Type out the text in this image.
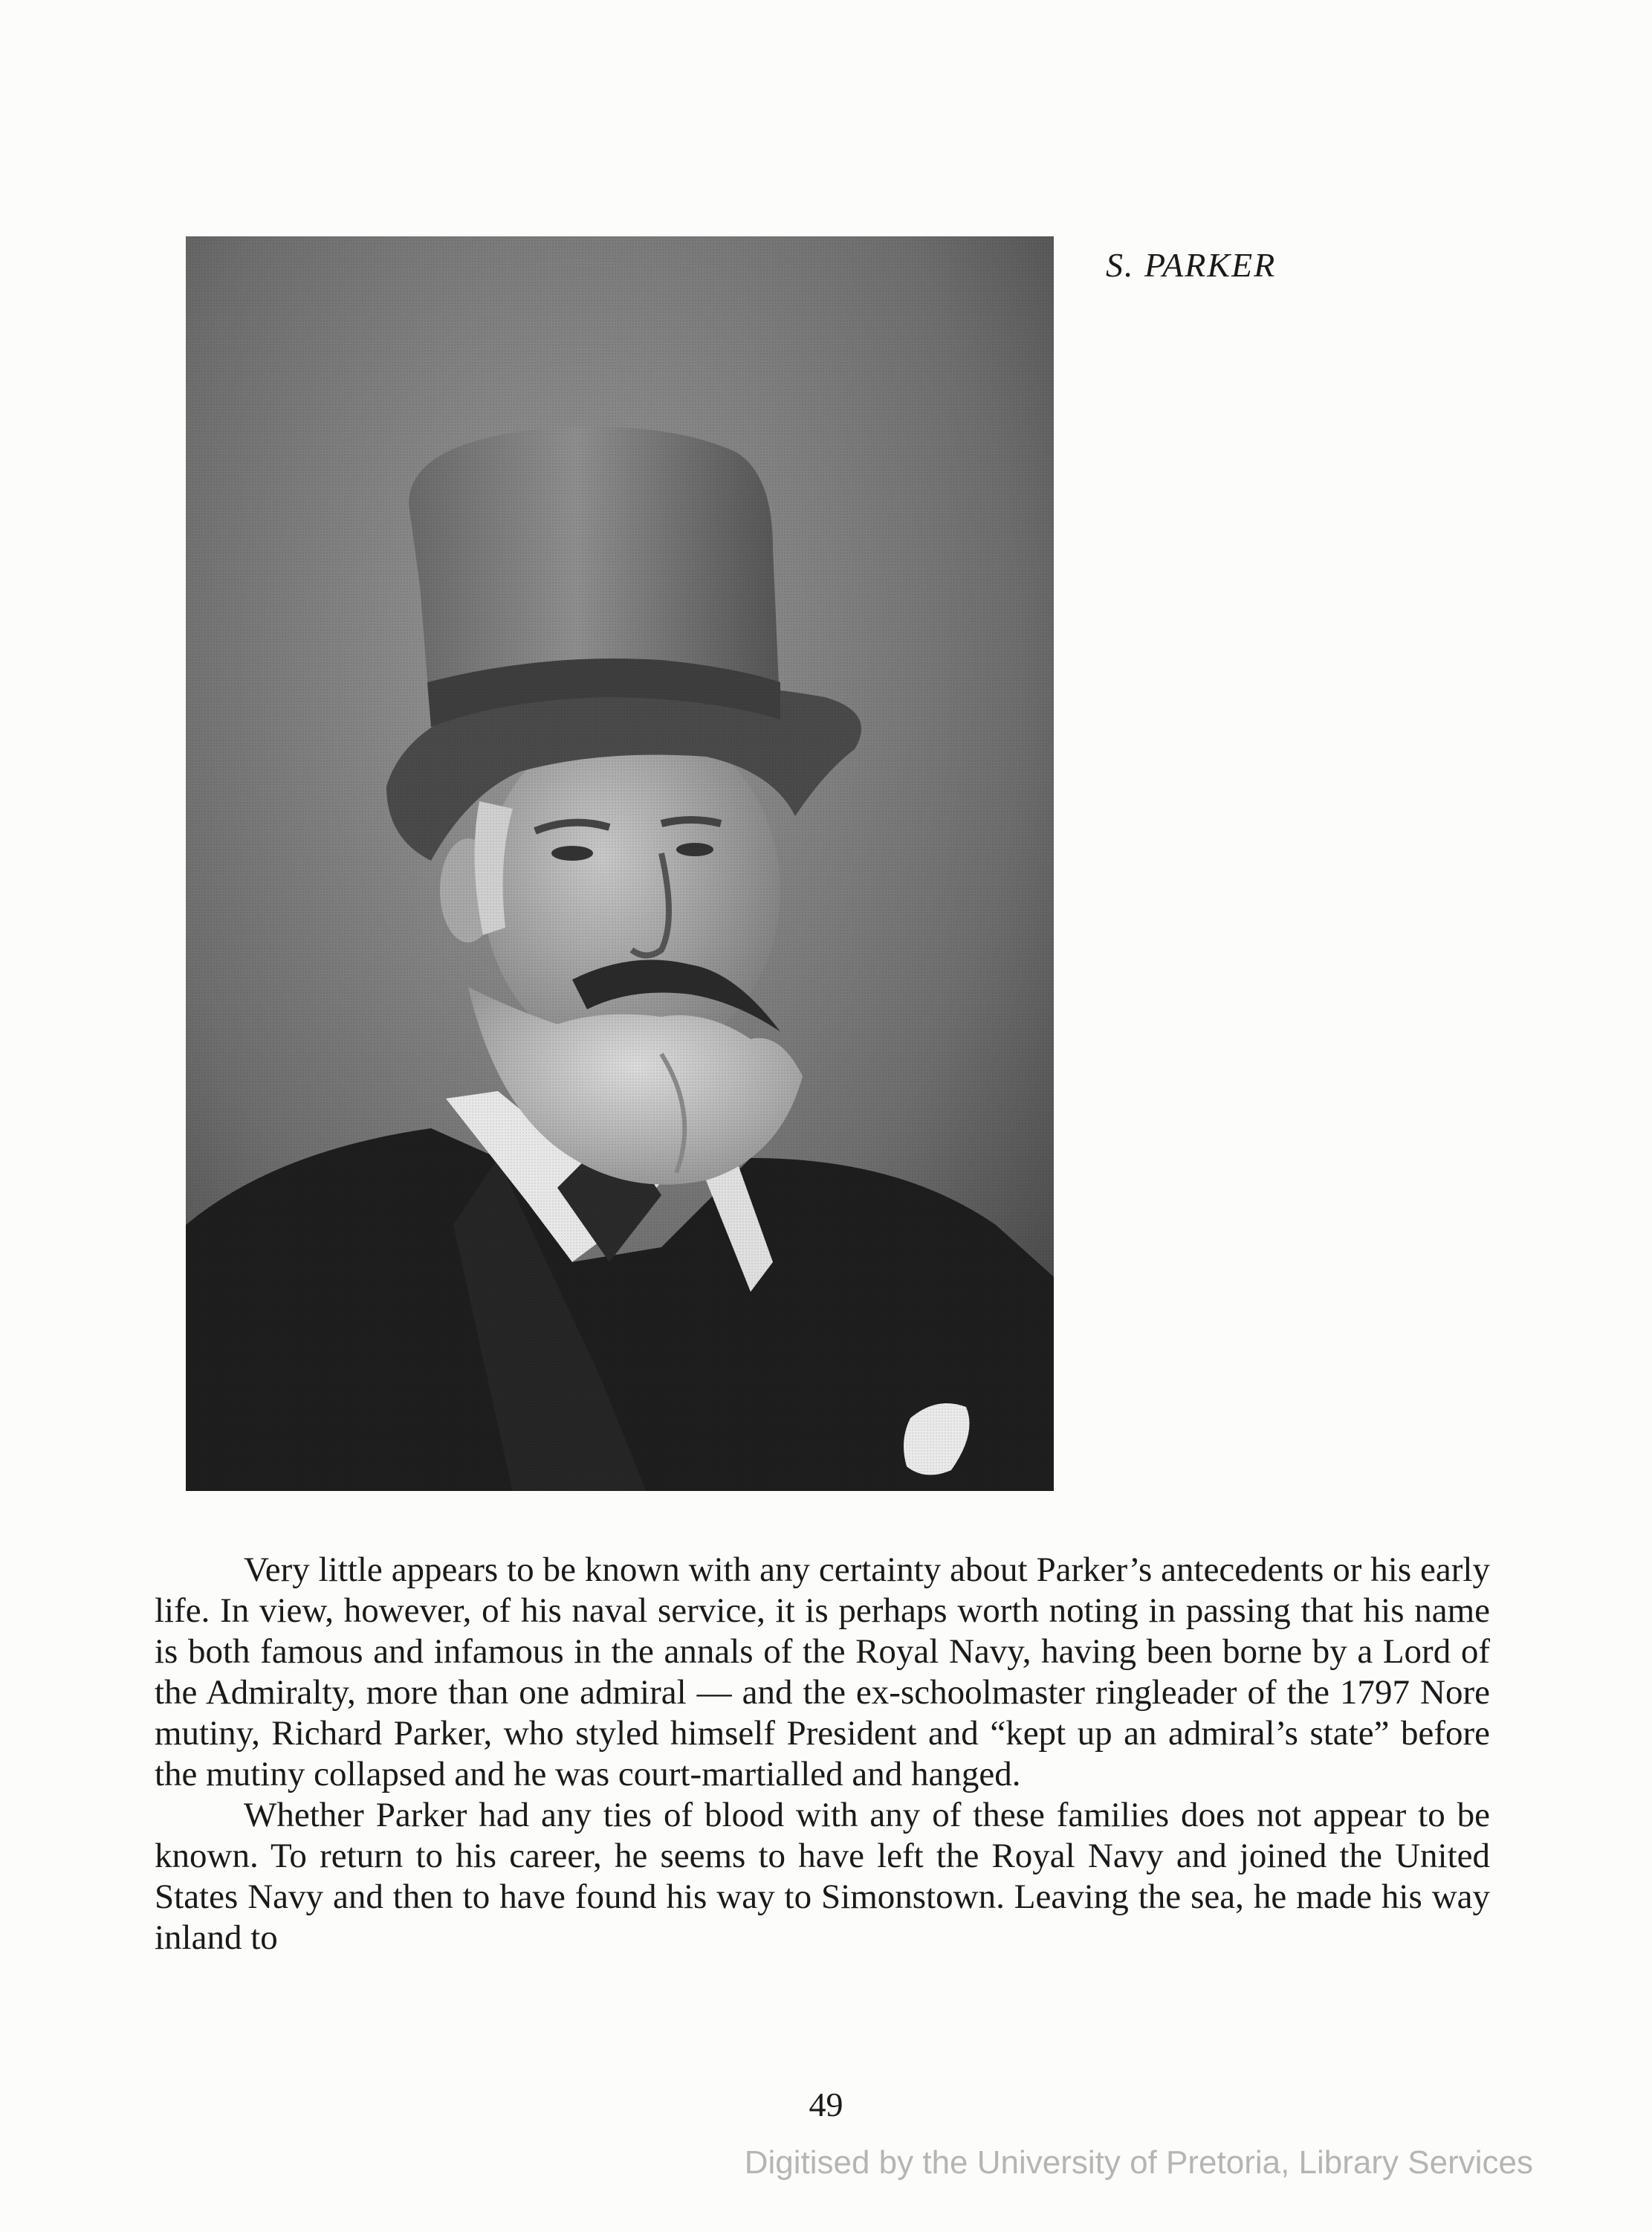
S. PARKER

Very little appears to be known with any certainty about Parker’s antecedents or his early life. In view, however, of his naval service, it is perhaps worth noting in passing that his name is both famous and infamous in the annals of the Royal Navy, having been borne by a Lord of the Admiralty, more than one admiral — and the ex-schoolmaster ringleader of the 1797 Nore mutiny, Richard Parker, who styled himself President and “kept up an admiral’s state” before the mutiny collapsed and he was court-martialled and hanged.

Whether Parker had any ties of blood with any of these families does not appear to be known. To return to his career, he seems to have left the Royal Navy and joined the United States Navy and then to have found his way to Simonstown. Leaving the sea, he made his way inland to

49
Digitised by the University of Pretoria, Library Services
